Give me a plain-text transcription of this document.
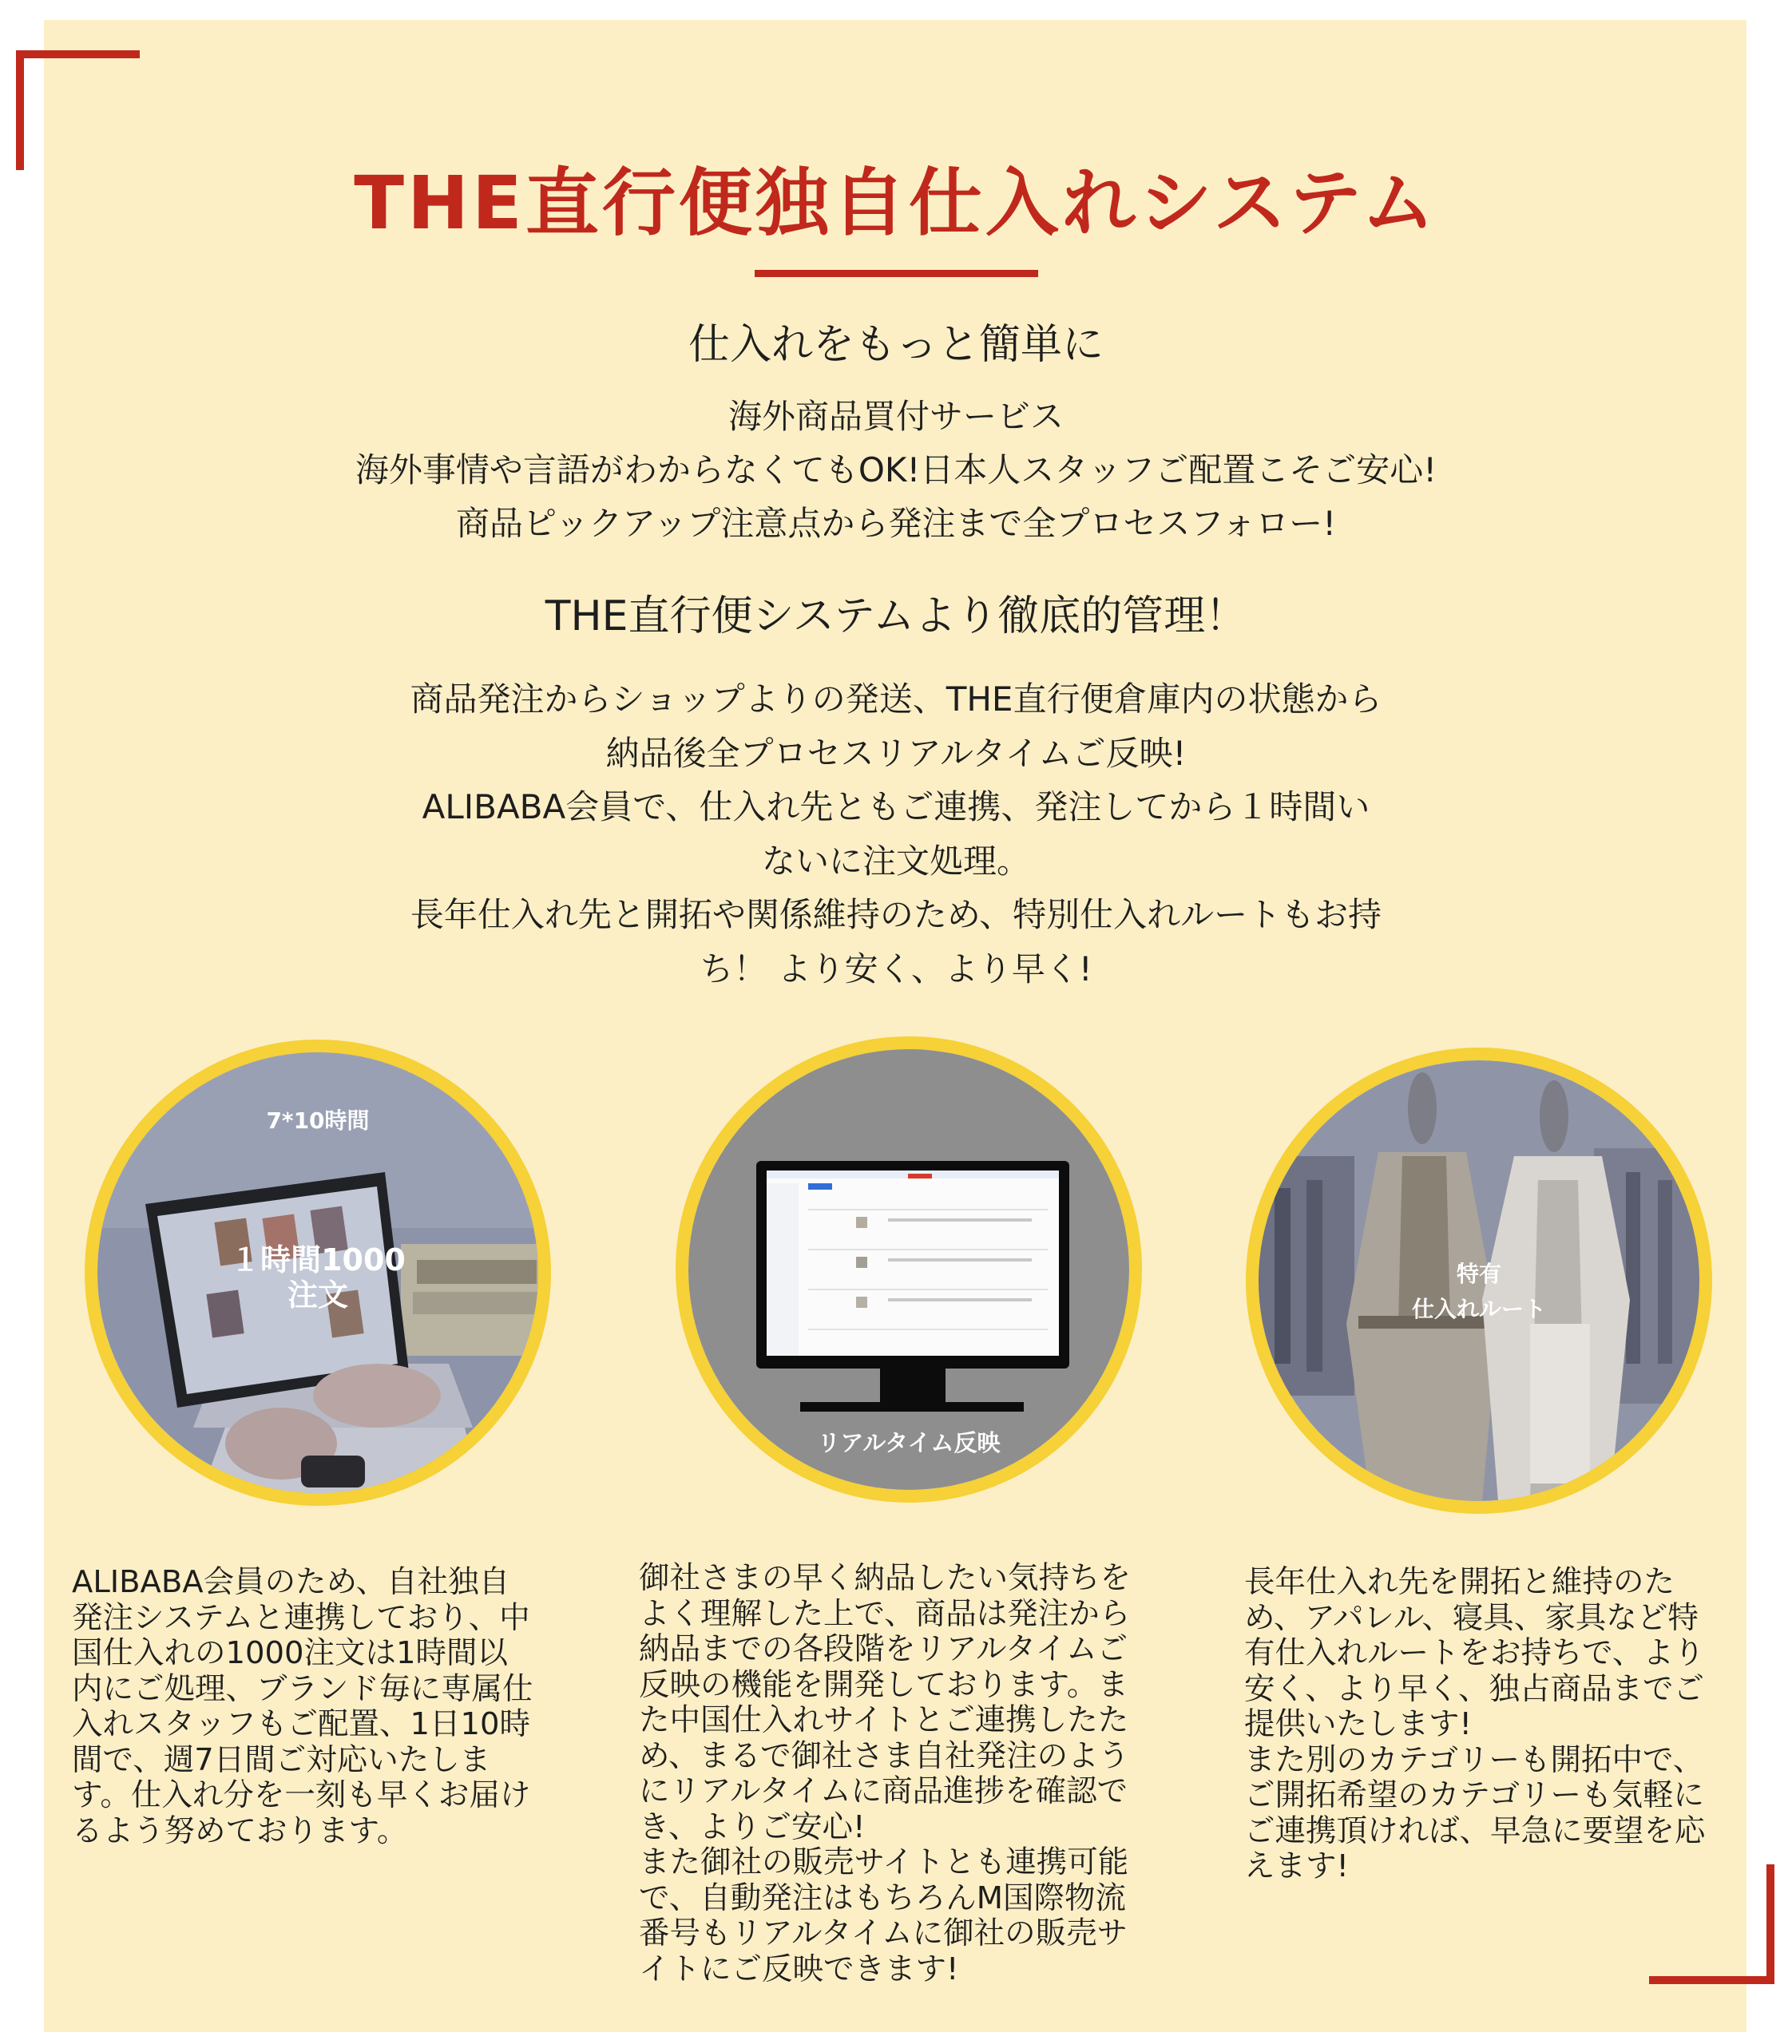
THE直行便独自仕入れシステム
仕入れをもっと簡単に
海外商品買付サービス
海外事情や言語がわからなくてもOK!日本人スタッフご配置こそご安心!
商品ピックアップ注意点から発注まで全プロセスフォロー!
THE直行便システムより徹底的管理！
商品発注からショップよりの発送、THE直行便倉庫内の状態から
納品後全プロセスリアルタイムご反映!
ALIBABA会員で、仕入れ先ともご連携、発注してから１時間い
ないに注文処理。
長年仕入れ先と開拓や関係維持のため、特別仕入れルートもお持
ち！ より安く、より早く!
7*10時間
１時間1000
注文
リアルタイム反映
特有
仕入れルート
ALIBABA会員のため、自社独自
発注システムと連携しており、中
国仕入れの1000注文は1時間以
内にご処理、ブランド毎に専属仕
入れスタッフもご配置、1日10時
間で、週7日間ご対応いたしま
す。仕入れ分を一刻も早くお届け
るよう努めております。
御社さまの早く納品したい気持ちを
よく理解した上で、商品は発注から
納品までの各段階をリアルタイムご
反映の機能を開発しております。ま
た中国仕入れサイトとご連携したた
め、まるで御社さま自社発注のよう
にリアルタイムに商品進捗を確認で
き、よりご安心!
また御社の販売サイトとも連携可能
で、自動発注はもちろんM国際物流
番号もリアルタイムに御社の販売サ
イトにご反映できます!
長年仕入れ先を開拓と維持のた
め、アパレル、寝具、家具など特
有仕入れルートをお持ちで、より
安く、より早く、独占商品までご
提供いたします!
また別のカテゴリーも開拓中で、
ご開拓希望のカテゴリーも気軽に
ご連携頂ければ、早急に要望を応
えます!
